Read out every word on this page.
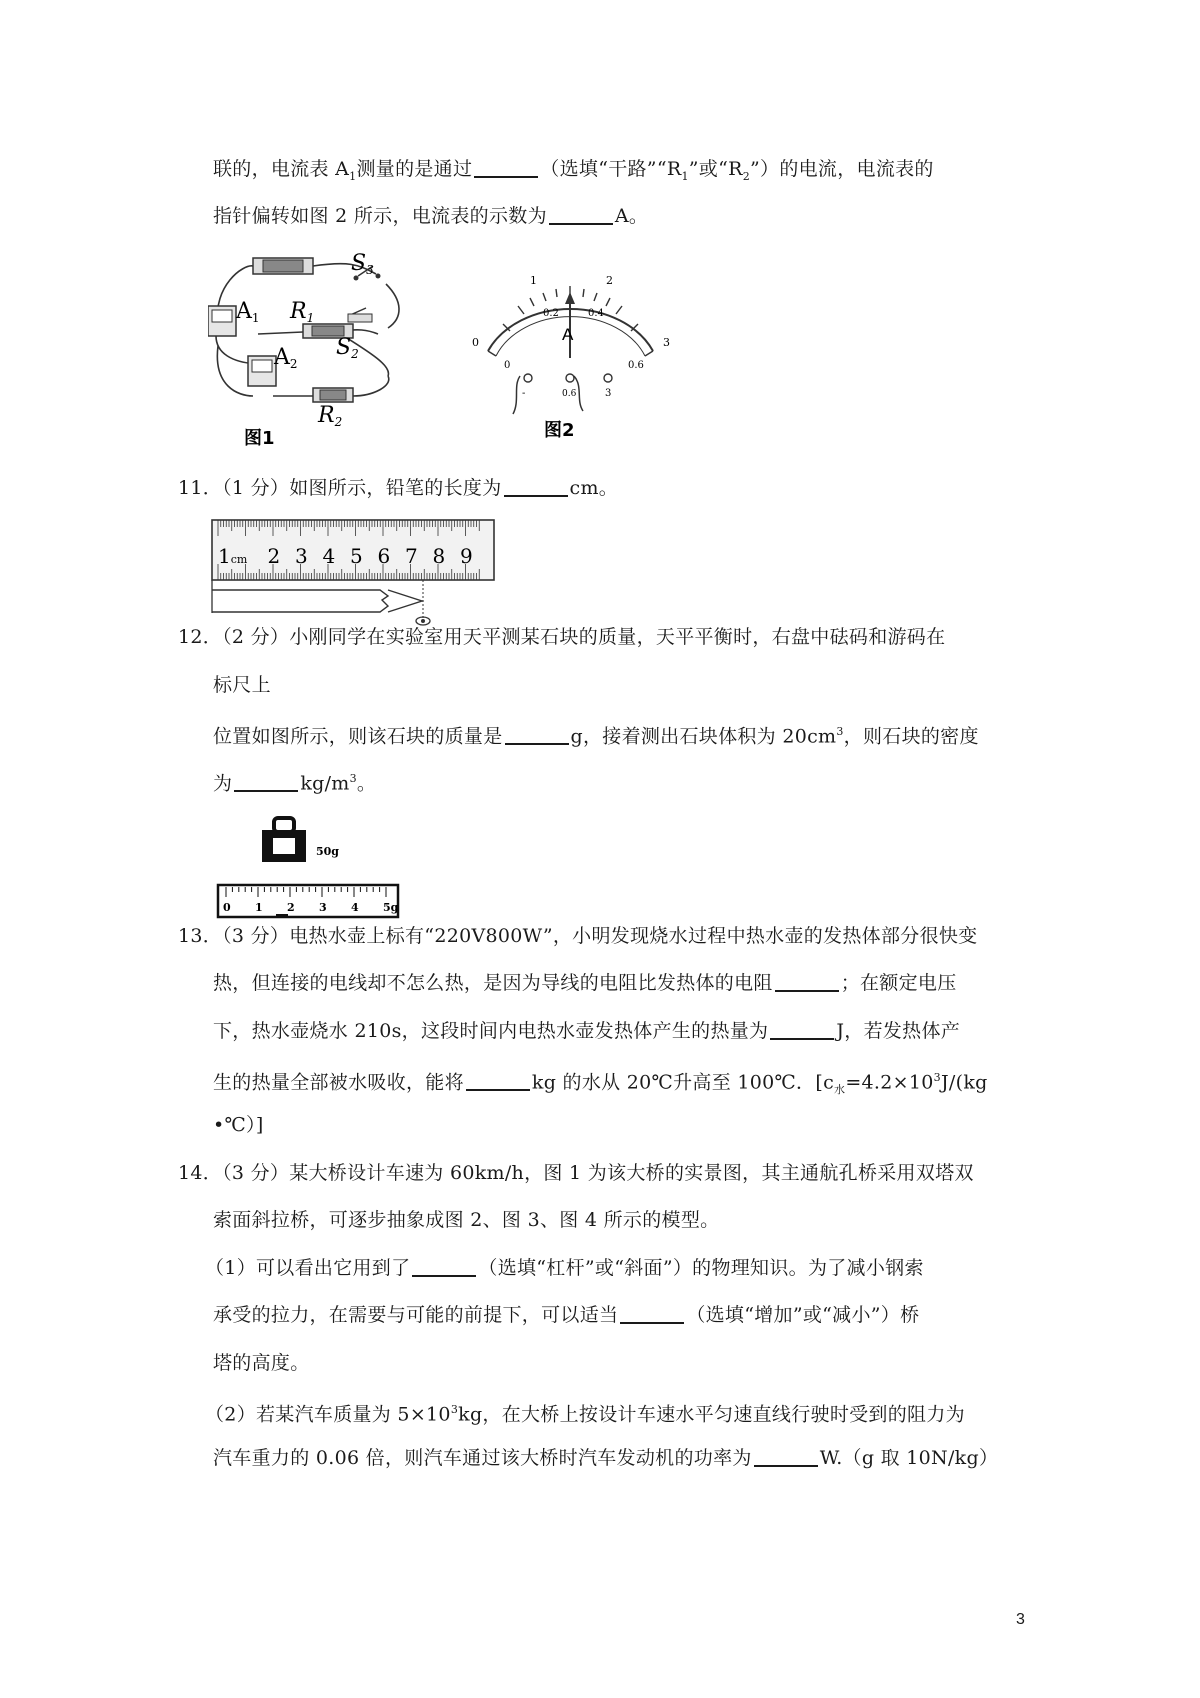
联的，电流表 $A_1$测量的是通过	（选填“干路$”“R_1$”或“$R_2$”）的电流，电流表的
指针偏转如图 2 所示，电流表的示数为	A。
S3
A1 R1
S2
A2
R2
图1
0
1	2
3
0
0.2	0.4
0.6
A
-	0.6	3
图2
11．（1 分）如图所示，铅笔的长度为	cm。
1cm 2 3 4 5 6 7 8 9
12．（2 分）小刚同学在实验室用天平测某石块的质量，天平平衡时，右盘中砝码和游码在
标尺上
位置如图所示，则该石块的质量是	g，接着测出石块体积为 $20cm^3$，则石块的密度
为	$kg/m^3$。
50g
0 1 2 3 4 5g
13．（3 分）电热水壶上标有“220V800W”，小明发现烧水过程中热水壶的发热体部分很快变
热，但连接的电线却不怎么热，是因为导线的电阻比发热体的电阻	；在额定电压
下，热水壶烧水 210s，这段时间内电热水壶发热体产生的热量为	J，若发热体产
生的热量全部被水吸收，能将	kg 的水从 20℃升高至 100℃．[$c_水=4.2\times 10^3J/(kg$
•℃）]
14．（3 分）某大桥设计车速为 60km/h，图 1 为该大桥的实景图，其主通航孔桥采用双塔双
索面斜拉桥，可逐步抽象成图 2、图 3、图 4 所示的模型。
（1）可以看出它用到了	（选填“杠杆”或“斜面”）的物理知识。为了减小钢索
承受的拉力，在需要与可能的前提下，可以适当	（选填“增加”或“减小”）桥
塔的高度。
（2）若某汽车质量为 $5\times 10^3kg$，在大桥上按设计车速水平匀速直线行驶时受到的阻力为
汽车重力的 0.06 倍，则汽车通过该大桥时汽车发动机的功率为	W.（g 取 10N/kg）
3
